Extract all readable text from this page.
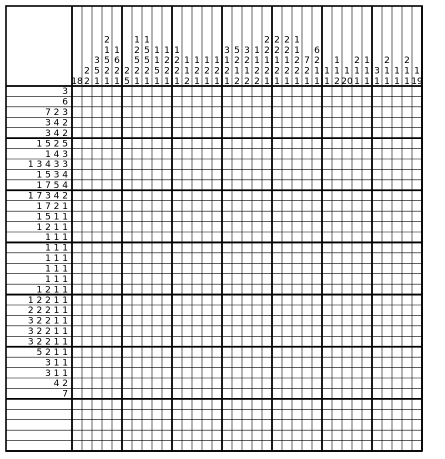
18
2
2
3
5
1
2
1
5
2
1
1
6
2
1
2
5
1
2
5
2
1
1
5
5
2
1
1
1
5
1
1
2
2
1
1
2
2
1
1
1
2
1
2
1
1
2
1
1
2
1
3
1
2
1
5
2
1
2
3
2
1
2
1
1
2
2
2
2
1
2
1
2
2
1
2
1
2
2
1
2
1
1
1
2
2
1
7
2
1
6
2
1
1
1
1
1
1
2
1
20
2
1
1
1
1
1
3
1
2
1
1
1
1
2
1
1
1
19
3
6
7 2 3
3 4 2
3 4 2
1 5 2 5
1 4 3
1 3 4 3 3
1 5 3 4
1 7 5 4
1 7 3 4 2
1 7 2 1
1 5 1 1
1 2 1 1
1 1 1
1 1 1
1 1 1
1 1 1
1 1 1
1 2 1 1
1 2 2 1 1
2 2 2 1 1
3 2 2 1 1
3 2 2 1 1
3 2 2 1 1
5 2 1 1
3 1 1
3 1 1
4 2
7
